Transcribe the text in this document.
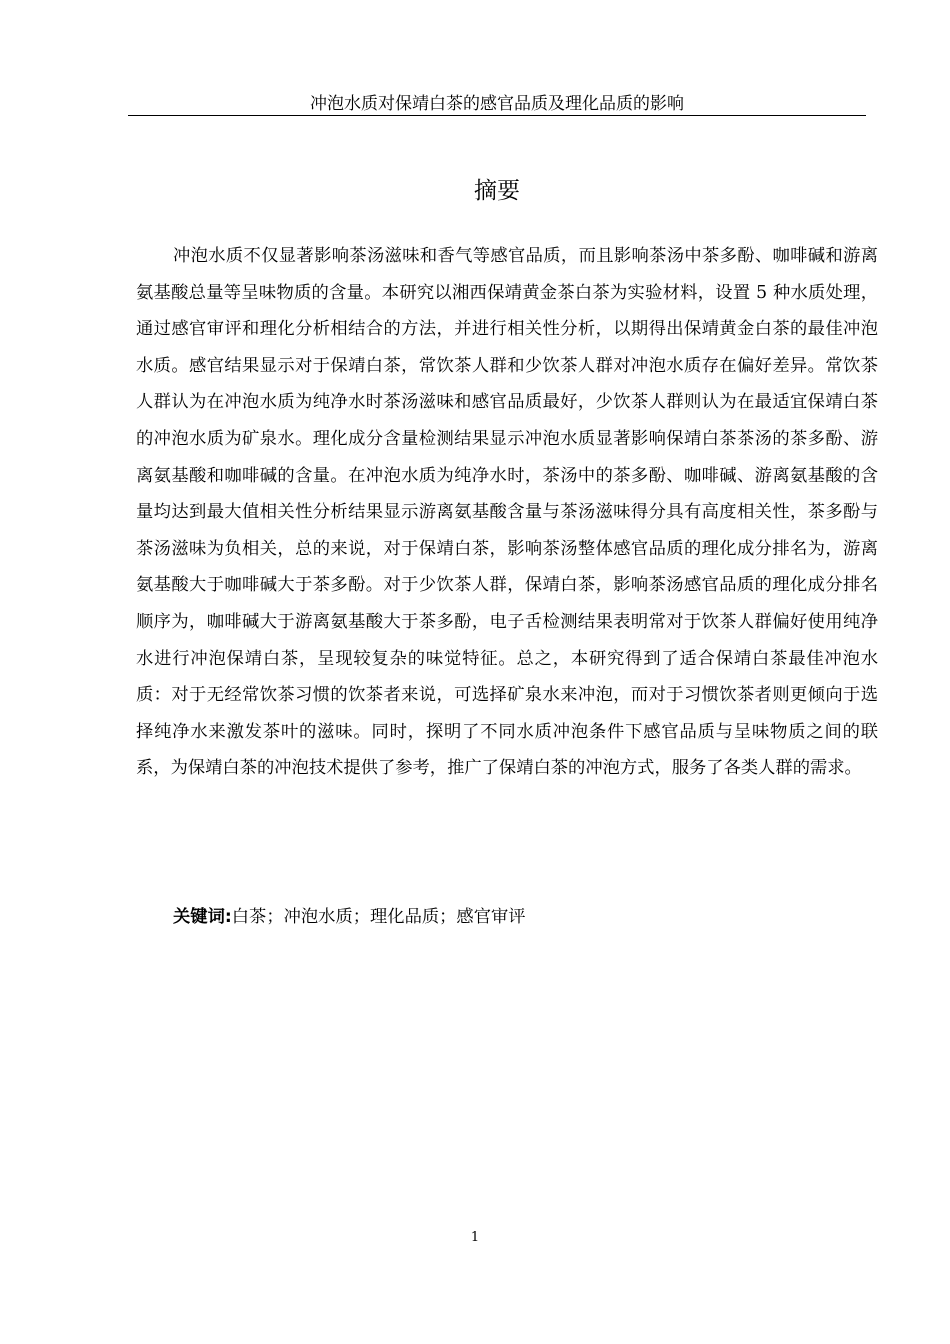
冲泡水质对保靖白茶的感官品质及理化品质的影响
摘要

冲泡水质不仅显著影响茶汤滋味和香气等感官品质，而且影响茶汤中茶多酚、咖啡碱和游离氨基酸总量等呈味物质的含量。本研究以湘西保靖黄金茶白茶为实验材料，设置 5 种水质处理，通过感官审评和理化分析相结合的方法，并进行相关性分析，以期得出保靖黄金白茶的最佳冲泡水质。感官结果显示对于保靖白茶，常饮茶人群和少饮茶人群对冲泡水质存在偏好差异。常饮茶人群认为在冲泡水质为纯净水时茶汤滋味和感官品质最好，少饮茶人群则认为在最适宜保靖白茶的冲泡水质为矿泉水。理化成分含量检测结果显示冲泡水质显著影响保靖白茶茶汤的茶多酚、游离氨基酸和咖啡碱的含量。在冲泡水质为纯净水时，茶汤中的茶多酚、咖啡碱、游离氨基酸的含量均达到最大值相关性分析结果显示游离氨基酸含量与茶汤滋味得分具有高度相关性，茶多酚与茶汤滋味为负相关，总的来说，对于保靖白茶，影响茶汤整体感官品质的理化成分排名为，游离氨基酸大于咖啡碱大于茶多酚。对于少饮茶人群，保靖白茶，影响茶汤感官品质的理化成分排名顺序为，咖啡碱大于游离氨基酸大于茶多酚，电子舌检测结果表明常对于饮茶人群偏好使用纯净水进行冲泡保靖白茶，呈现较复杂的味觉特征。总之，本研究得到了适合保靖白茶最佳冲泡水质：对于无经常饮茶习惯的饮茶者来说，可选择矿泉水来冲泡，而对于习惯饮茶者则更倾向于选择纯净水来激发茶叶的滋味。同时，探明了不同水质冲泡条件下感官品质与呈味物质之间的联系，为保靖白茶的冲泡技术提供了参考，推广了保靖白茶的冲泡方式，服务了各类人群的需求。

关键词:白茶；冲泡水质；理化品质；感官审评
1
